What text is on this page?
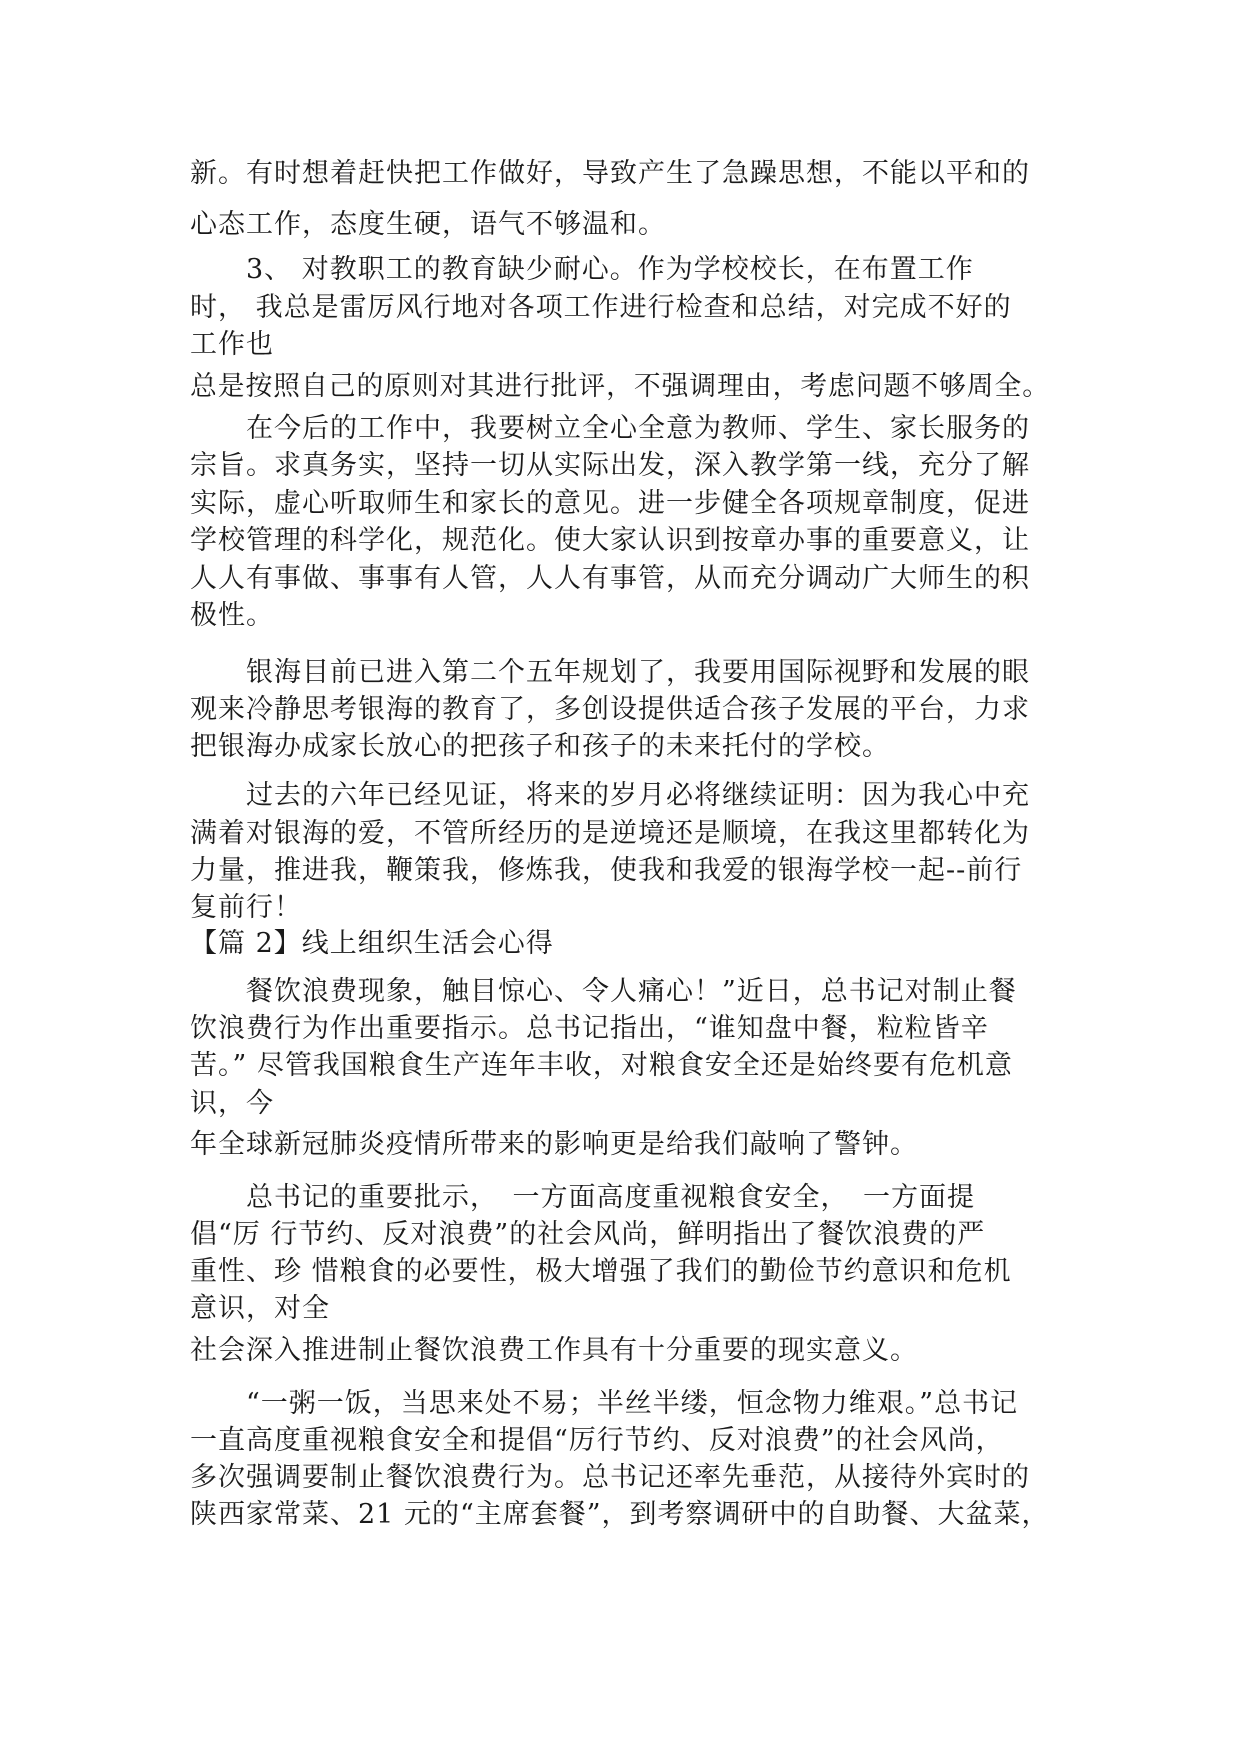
新。有时想着赶快把工作做好，导致产生了急躁思想，不能以平和的

心态工作，态度生硬，语气不够温和。

3、 对教职工的教育缺少耐心。作为学校校长，在布置工作

时， 我总是雷厉风行地对各项工作进行检查和总结，对完成不好的

工作也

总是按照自己的原则对其进行批评，不强调理由，考虑问题不够周全。

在今后的工作中，我要树立全心全意为教师、学生、家长服务的

宗旨。求真务实，坚持一切从实际出发，深入教学第一线，充分了解

实际，虚心听取师生和家长的意见。进一步健全各项规章制度，促进

学校管理的科学化，规范化。使大家认识到按章办事的重要意义，让

人人有事做、事事有人管，人人有事管，从而充分调动广大师生的积

极性。

银海目前已进入第二个五年规划了，我要用国际视野和发展的眼

观来冷静思考银海的教育了，多创设提供适合孩子发展的平台，力求

把银海办成家长放心的把孩子和孩子的未来托付的学校。

过去的六年已经见证，将来的岁月必将继续证明：因为我心中充

满着对银海的爱，不管所经历的是逆境还是顺境，在我这里都转化为

力量，推进我，鞭策我，修炼我，使我和我爱的银海学校一起--前行

复前行！

【篇 2】线上组织生活会心得

餐饮浪费现象，触目惊心、令人痛心！”近日，总书记对制止餐

饮浪费行为作出重要指示。总书记指出，“谁知盘中餐，粒粒皆辛

苦。” 尽管我国粮食生产连年丰收，对粮食安全还是始终要有危机意

识，今

年全球新冠肺炎疫情所带来的影响更是给我们敲响了警钟。

总书记的重要批示，　一方面高度重视粮食安全，　一方面提

倡“厉 行节约、反对浪费”的社会风尚，鲜明指出了餐饮浪费的严

重性、珍 惜粮食的必要性，极大增强了我们的勤俭节约意识和危机

意识，对全

社会深入推进制止餐饮浪费工作具有十分重要的现实意义。

“一粥一饭，当思来处不易；半丝半缕，恒念物力维艰。”总书记

一直高度重视粮食安全和提倡“厉行节约、反对浪费”的社会风尚，

多次强调要制止餐饮浪费行为。总书记还率先垂范，从接待外宾时的

陕西家常菜、21 元的“主席套餐”，到考察调研中的自助餐、大盆菜，
